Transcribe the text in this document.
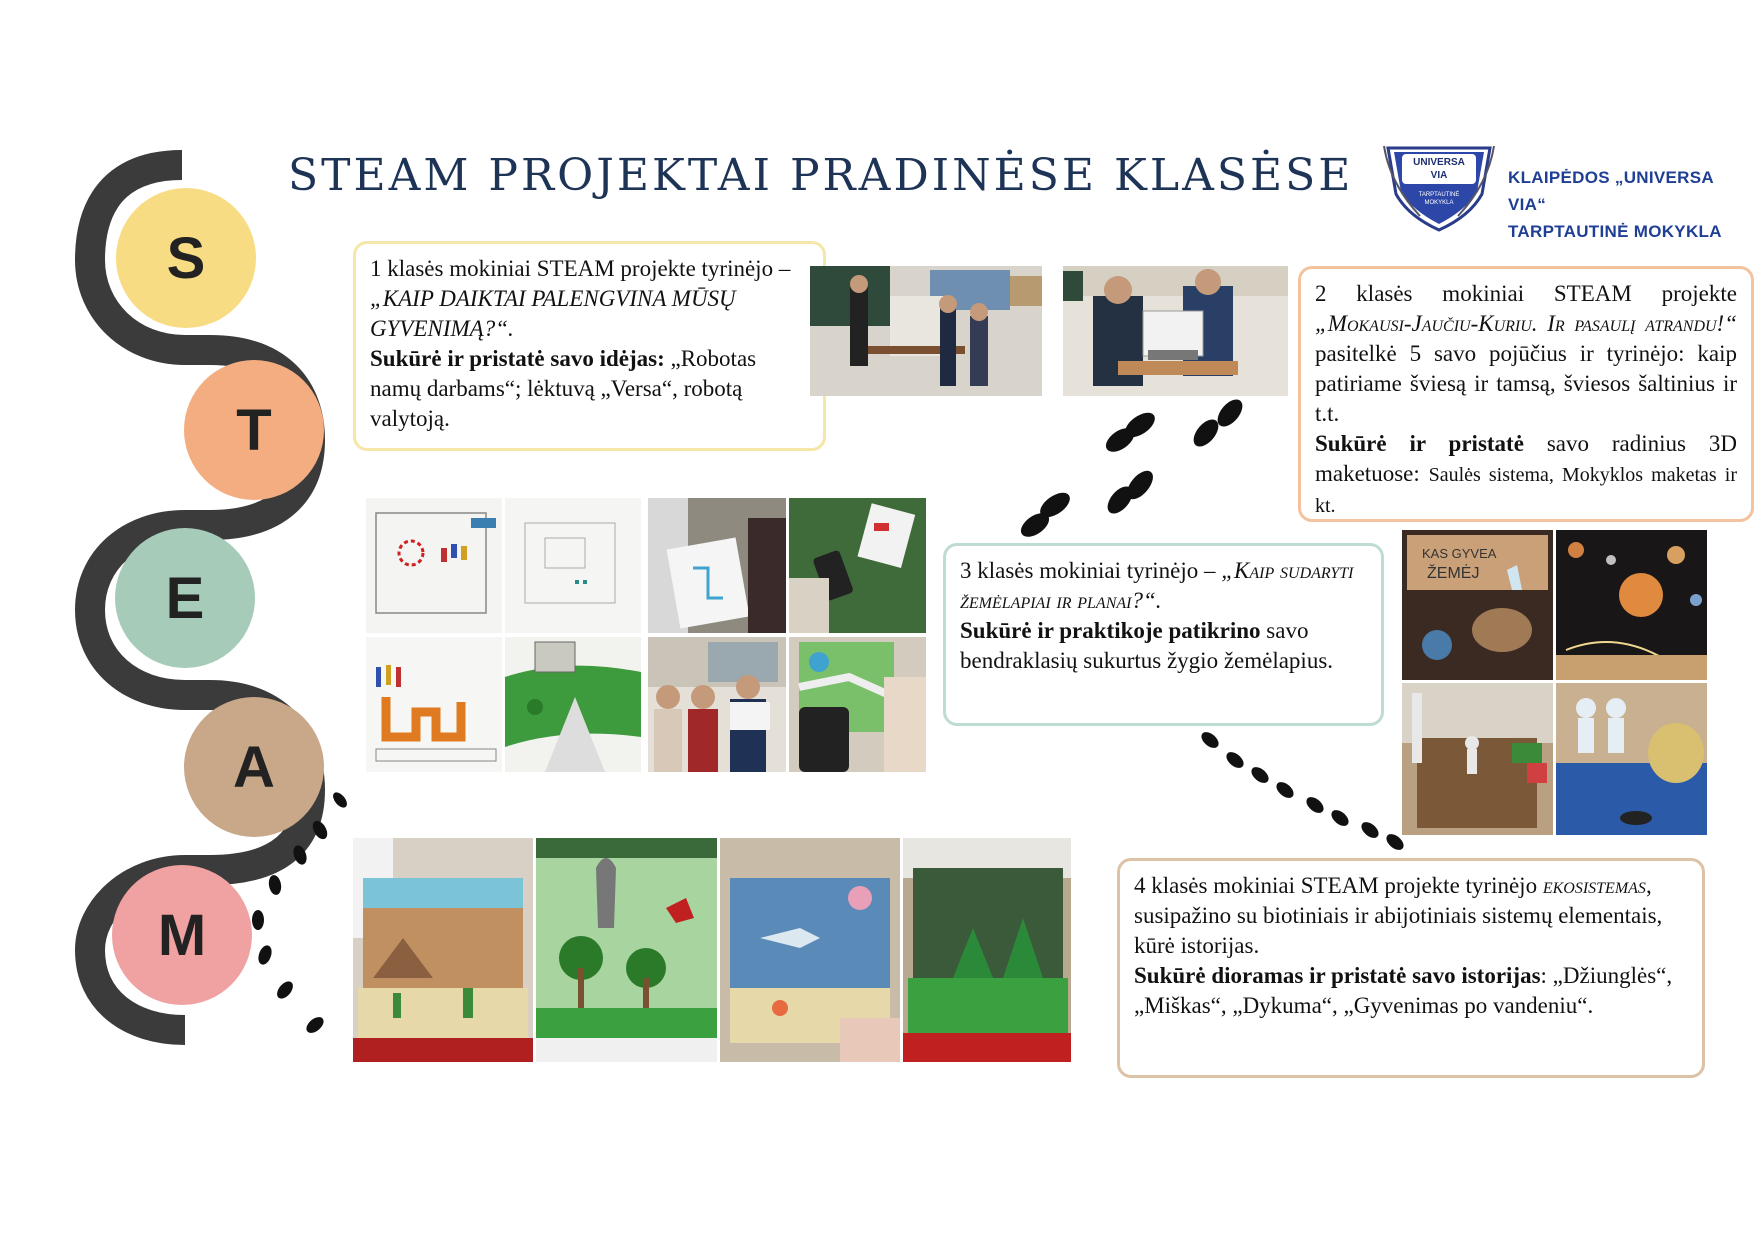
STEAM PROJEKTAI PRADINĖSE KLASĖSE	UNIVERSA
VIA
TARPTAUTINĖ
MOKYKLA
KLAIPĖDOS „UNIVERSA VIA“
TARPTAUTINĖ MOKYKLA
S
T
E
A
M

1 klasės mokiniai STEAM projekte tyrinėjo – „KAIP DAIKTAI PALENGVINA MŪSŲ GYVENIMĄ?“.

Sukūrė ir pristatė savo idėjas: „Robotas namų darbams“; lėktuvą „Versa“, robotą valytoją.

2 klasės mokiniai STEAM projekte „Mokausi-Jaučiu-Kuriu. Ir pasaulį atrandu!“ pasitelkė 5 savo pojūčius ir tyrinėjo: kaip patiriame šviesą ir tamsą, šviesos šaltinius ir t.t.

Sukūrė ir pristatė savo radinius 3D maketuose: Saulės sistema, Mokyklos maketas ir kt.

3 klasės mokiniai tyrinėjo – „Kaip sudaryti žemėlapiai ir planai?“.

Sukūrė ir praktikoje patikrino savo bendraklasių sukurtus žygio žemėlapius.

4 klasės mokiniai STEAM projekte tyrinėjo ekosistemas, susipažino su biotiniais ir abijotiniais sistemų elementais, kūrė istorijas.

Sukūrė dioramas ir pristatė savo istorijas: „Džiunglės“, „Miškas“, „Dykuma“, „Gyvenimas po vandeniu“.

KAS GYVEA
ŽEMĖJ
